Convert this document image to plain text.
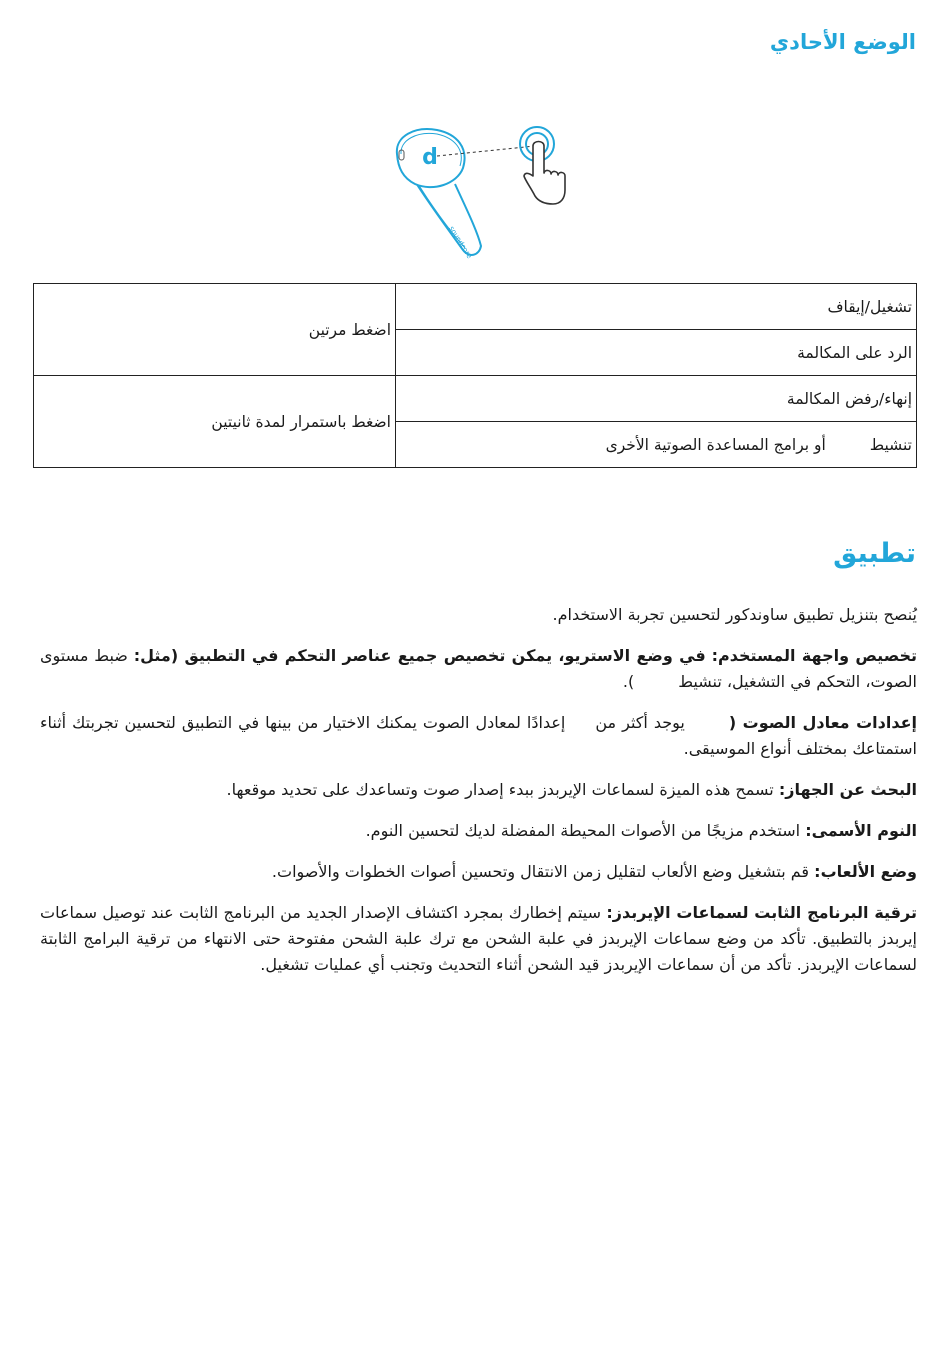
الوضع الأحادي
d
soundcore
تشغيل/إيقاف	اضغط مرتين
الرد على المكالمة	
إنهاء/رفض المكالمة	اضغط باستمرار لمدة ثانيتين
تنشيطأو برامج المساعدة الصوتية الأخرى	
تطبيق

يُنصح بتنزيل تطبيق ساوندكور لتحسين تجربة الاستخدام.

تخصيص واجهة المستخدم: في وضع الاستريو، يمكن تخصيص جميع عناصر التحكم في التطبيق (مثل: ضبط مستوى الصوت، التحكم في التشغيل، تنشيط).

إعدادات معادل الصوت (يوجد أكثر منإعدادًا لمعادل الصوت يمكنك الاختيار من بينها في التطبيق لتحسين تجربتك أثناء استمتاعك بمختلف أنواع الموسيقى.

البحث عن الجهاز: تسمح هذه الميزة لسماعات الإيربدز ببدء إصدار صوت وتساعدك على تحديد موقعها.

النوم الأسمى: استخدم مزيجًا من الأصوات المحيطة المفضلة لديك لتحسين النوم.

وضع الألعاب: قم بتشغيل وضع الألعاب لتقليل زمن الانتقال وتحسين أصوات الخطوات والأصوات.

ترقية البرنامج الثابت لسماعات الإيربدز: سيتم إخطارك بمجرد اكتشاف الإصدار الجديد من البرنامج الثابت عند توصيل سماعات إيربدز بالتطبيق. تأكد من وضع سماعات الإيربدز في علبة الشحن مع ترك علبة الشحن مفتوحة حتى الانتهاء من ترقية البرامج الثابتة لسماعات الإيربدز. تأكد من أن سماعات الإيربدز قيد الشحن أثناء التحديث وتجنب أي عمليات تشغيل.
